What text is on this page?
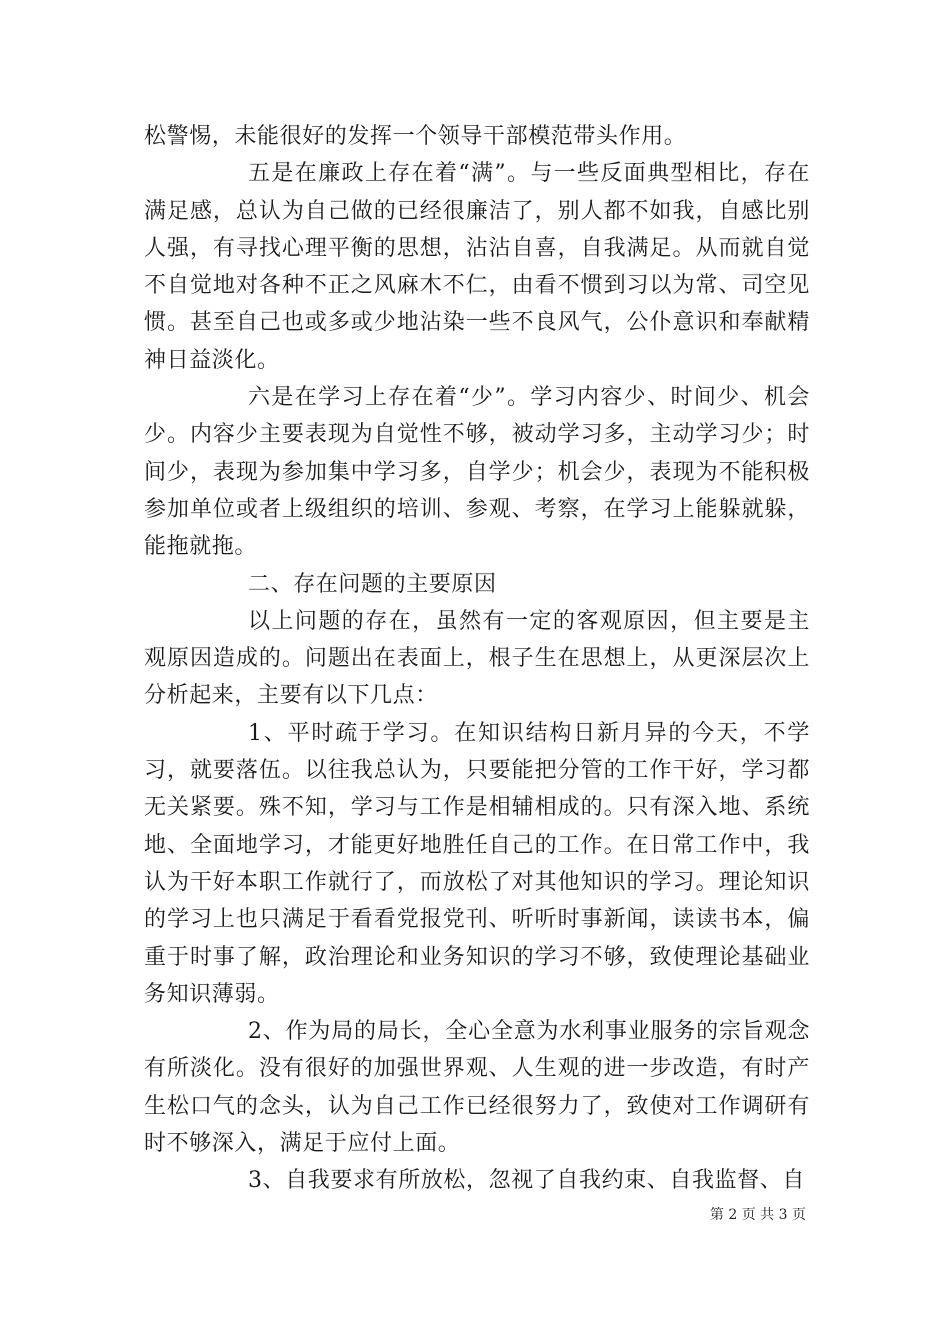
松警惕，未能很好的发挥一个领导干部模范带头作用。

五是在廉政上存在着“满”。与一些反面典型相比，存在满足感，总认为自己做的已经很廉洁了，别人都不如我，自感比别人强，有寻找心理平衡的思想，沾沾自喜，自我满足。从而就自觉不自觉地对各种不正之风麻木不仁，由看不惯到习以为常、司空见惯。甚至自己也或多或少地沾染一些不良风气，公仆意识和奉献精神日益淡化。

六是在学习上存在着“少”。学习内容少、时间少、机会少。内容少主要表现为自觉性不够，被动学习多，主动学习少；时间少，表现为参加集中学习多，自学少；机会少，表现为不能积极参加单位或者上级组织的培训、参观、考察，在学习上能躲就躲，能拖就拖。

二、存在问题的主要原因

以上问题的存在，虽然有一定的客观原因，但主要是主观原因造成的。问题出在表面上，根子生在思想上，从更深层次上分析起来，主要有以下几点：

1、平时疏于学习。在知识结构日新月异的今天，不学习，就要落伍。以往我总认为，只要能把分管的工作干好，学习都无关紧要。殊不知，学习与工作是相辅相成的。只有深入地、系统地、全面地学习，才能更好地胜任自己的工作。在日常工作中，我认为干好本职工作就行了，而放松了对其他知识的学习。理论知识的学习上也只满足于看看党报党刊、听听时事新闻，读读书本，偏重于时事了解，政治理论和业务知识的学习不够，致使理论基础业务知识薄弱。

2、作为局的局长，全心全意为水利事业服务的宗旨观念有所淡化。没有很好的加强世界观、人生观的进一步改造，有时产生松口气的念头，认为自己工作已经很努力了，致使对工作调研有时不够深入，满足于应付上面。

3、自我要求有所放松，忽视了自我约束、自我监督、自

第 2 页 共 3 页
